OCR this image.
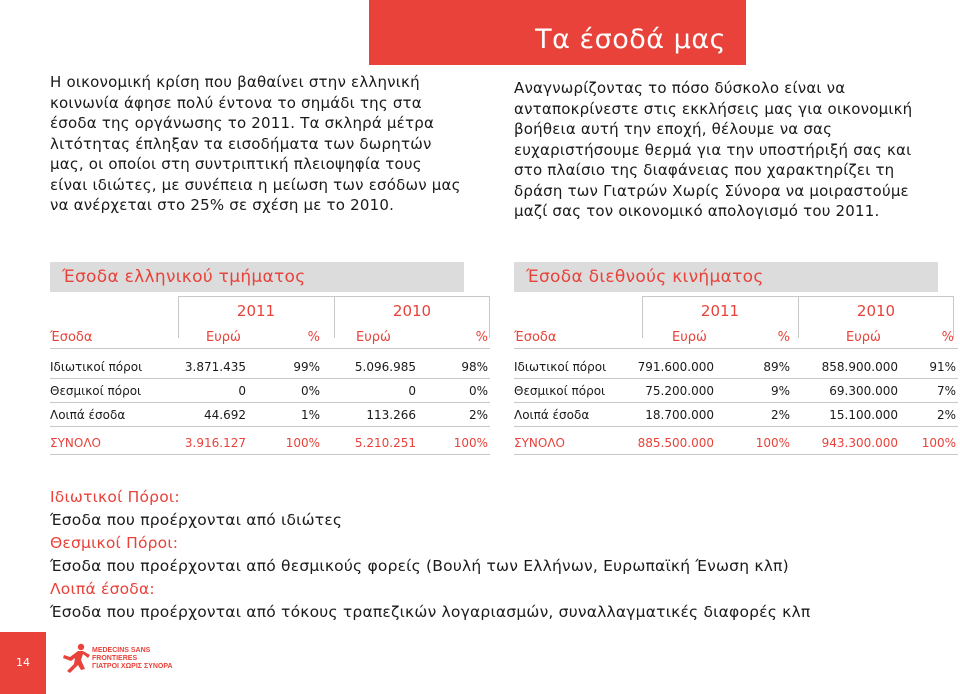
Τα έσοδά μας
Η οικονομική κρίση που βαθαίνει στην ελληνική κοινωνία άφησε πολύ έντονα το σημάδι της στα έσοδα της οργάνωσης το 2011. Τα σκληρά μέτρα λιτότητας έπληξαν τα εισοδήματα των δωρητών μας, οι οποίοι στη συντριπτική πλειοψηφία τους είναι ιδιώτες, με συνέπεια η μείωση των εσόδων μας να ανέρχεται στο 25% σε σχέση με το 2010.
Αναγνωρίζοντας το πόσο δύσκολο είναι να ανταποκρίνεστε στις εκκλήσεις μας για οικονομική βοήθεια αυτή την εποχή, θέλουμε να σας ευχαριστήσουμε θερμά για την υποστήριξή σας και στο πλαίσιο της διαφάνειας που χαρακτηρίζει τη δράση των Γιατρών Χωρίς Σύνορα να μοιραστούμε μαζί σας τον οικονομικό απολογισμό του 2011.
Έσοδα ελληνικού τμήματος	Έσοδα διεθνούς κινήματος
2011	2010
Έσοδα	Ευρώ	%	Ευρώ	%
Ιδιωτικοί πόροι	3.871.435	99%	5.096.985	98%
Θεσμικοί πόροι	0	0%	0	0%
Λοιπά έσοδα	44.692	1%	113.266	2%
ΣΥΝΟΛΟ	3.916.127	100%	5.210.251	100%
2011	2010
Έσοδα	Ευρώ	%	Ευρώ	%
Ιδιωτικοί πόροι	791.600.000	89%	858.900.000	91%
Θεσμικοί πόροι	75.200.000	9%	69.300.000	7%
Λοιπά έσοδα	18.700.000	2%	15.100.000	2%
ΣΥΝΟΛΟ	885.500.000	100%	943.300.000	100%
Ιδιωτικοί Πόροι:
Έσοδα που προέρχονται από ιδιώτες
Θεσμικοί Πόροι:
Έσοδα που προέρχονται από θεσμικούς φορείς (Βουλή των Ελλήνων, Ευρωπαϊκή Ένωση κλπ)
Λοιπά έσοδα:
Έσοδα που προέρχονται από τόκους τραπεζικών λογαριασμών, συναλλαγματικές διαφορές κλπ
14
MEDECINS SANS FRONTIERES
ΓΙΑΤΡΟΙ ΧΩΡΙΣ ΣΥΝΟΡΑ
